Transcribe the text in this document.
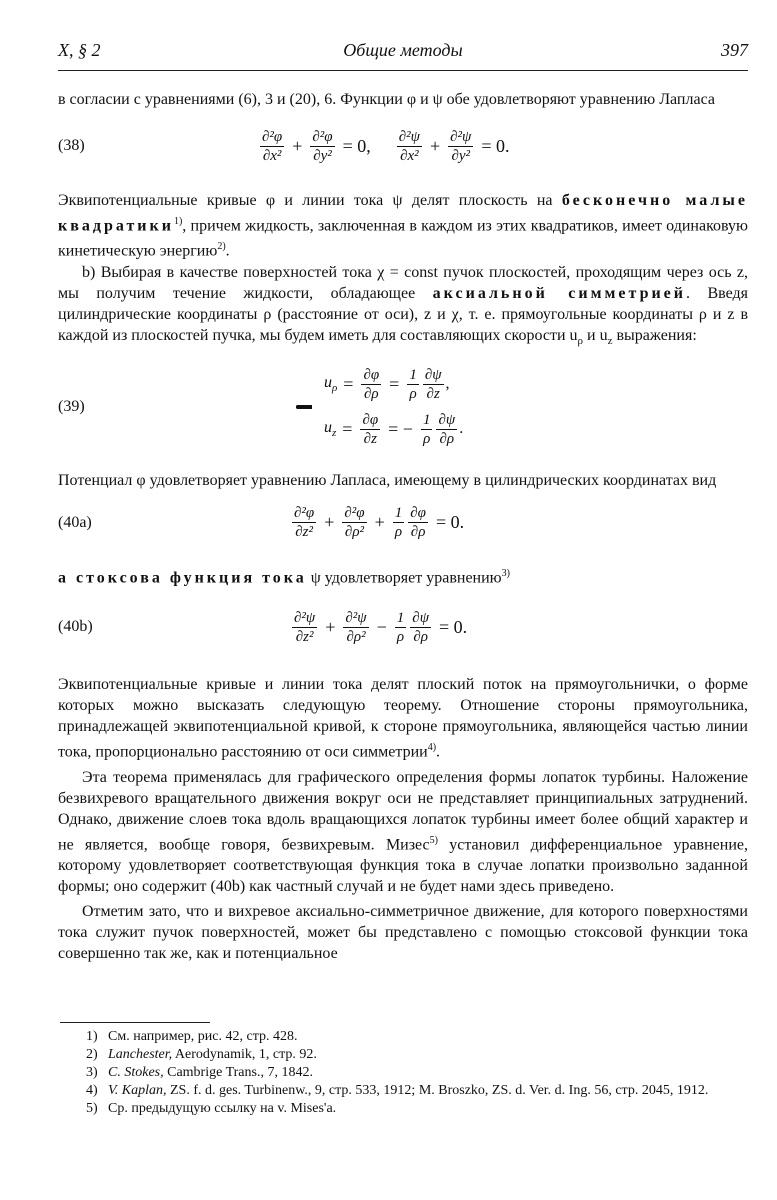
X, § 2	Общие методы	397

в согласии с уравнениями (6), 3 и (20), 6. Функции φ и ψ обе удовлетворяют уравнению Лапласа

(38)	$\frac{\text{∂²φ}}{\text{∂x²}} + \frac{\text{∂²φ}}{\text{∂y²}} = 0$, $\frac{\text{∂²ψ}}{\text{∂x²}} + \frac{\text{∂²ψ}}{\text{∂y²}} = 0$.

Эквипотенциальные кривые φ и линии тока ψ делят плоскость на бесконечно малые квадратики$^{1)}$, причем жидкость, заключенная в каждом из этих квадратиков, имеет одинаковую кинетическую энергию$^{2)}$.

b) Выбирая в качестве поверхностей тока χ = const пучок плоскостей, проходящим через ось z, мы получим течение жидкости, обладающее аксиальной симметрией. Введя цилиндрические координаты ρ (расстояние от оси), z и χ, т. е. прямоугольные координаты ρ и z в каждой из плоскостей пучка, мы будем иметь для составляющих скорости $u_\rho$ и $u_z$ выражения:

(39)
$u_\rho = \frac{\partial\varphi}{\partial\rho} = \frac{1}{\rho} \frac{\partial\psi}{\partial z}$ ,
$u_z = \frac{\partial\varphi}{\partial z}$ = − $\frac{1}{\rho} \frac{\partial\psi}{\partial\rho}$ .

Потенциал φ удовлетворяет уравнению Лапласа, имеющему в цилиндрических координатах вид

(40a)	$\frac{\text{∂²φ}}{\text{∂z²}} + \frac{\text{∂²φ}}{\text{∂ρ²}} + \frac{1}{\rho} \frac{\partial\varphi}{\partial\rho} = 0$.

а стоксова функция тока ψ удовлетворяет уравнению$^{3)}$

(40b)	$\frac{\text{∂²ψ}}{\text{∂z²}} + \frac{\text{∂²ψ}}{\text{∂ρ²}} - \frac{1}{\rho} \frac{\partial\psi}{\partial\rho} = 0$.

Эквипотенциальные кривые и линии тока делят плоский поток на прямоугольнички, о форме которых можно высказать следующую теорему. Отношение стороны прямоугольника, принадлежащей эквипотенциальной кривой, к стороне прямоугольника, являющейся частью линии тока, пропорционально расстоянию от оси симметрии$^{4)}$.

Эта теорема применялась для графического определения формы лопаток турбины. Наложение безвихревого вращательного движения вокруг оси не представляет принципиальных затруднений. Однако, движение слоев тока вдоль вращающихся лопаток турбины имеет более общий характер и не является, вообще говоря, безвихревым. Мизес$^{5)}$ установил дифференциальное уравнение, которому удовлетворяет соответствующая функция тока в случае лопатки произвольно заданной формы; оно содержит (40b) как частный случай и не будет нами здесь приведено.

Отметим зато, что и вихревое аксиально-симметричное движение, для которого поверхностями тока служит пучок поверхностей, может бы представлено с помощью стоксовой функции тока совершенно так же, как и потенциальное

1) См. например, рис. 42, стр. 428.

2) Lanchester, Aerodynamik, 1, стр. 92.

3) C. Stokes, Cambrige Trans., 7, 1842.

4) V. Kaplan, ZS. f. d. ges. Turbinenw., 9, стр. 533, 1912; M. Broszko, ZS. d. Ver. d. Ing. 56, стр. 2045, 1912.

5) Ср. предыдущую ссылку на v. Mises'a.
